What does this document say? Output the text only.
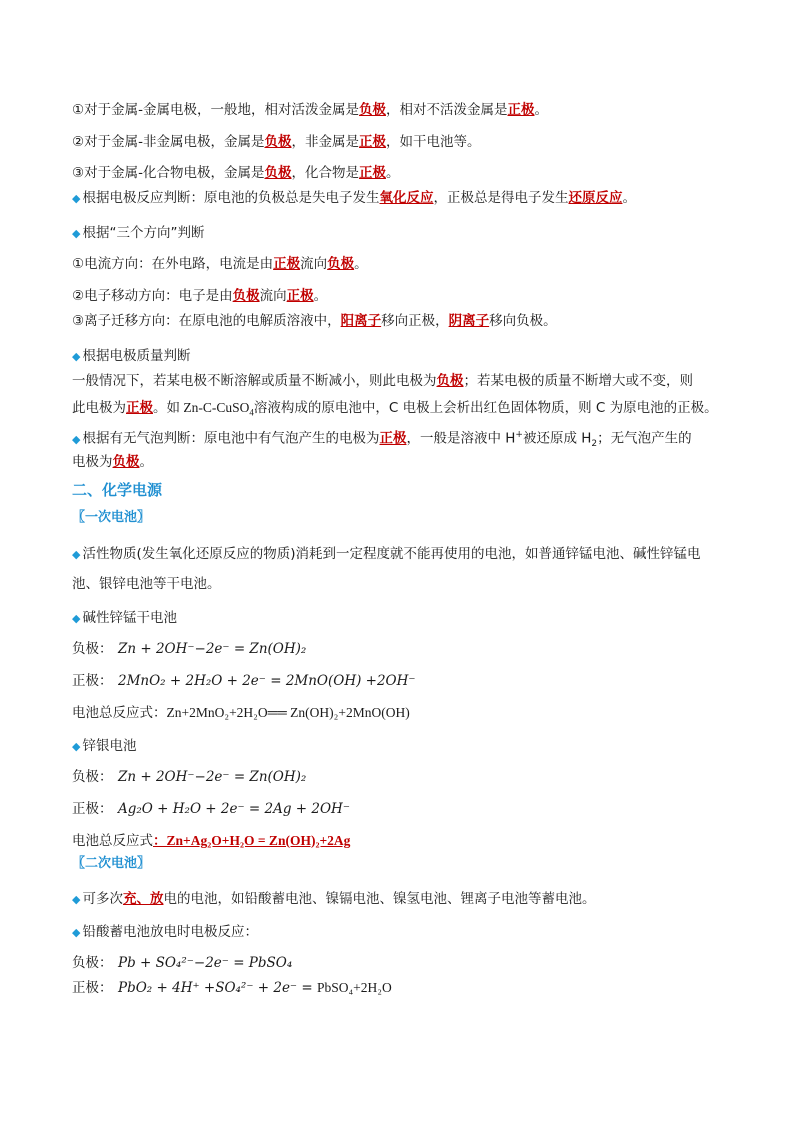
①对于金属-金属电极，一般地，相对活泼金属是负极，相对不活泼金属是正极。
②对于金属-非金属电极，金属是负极，非金属是正极，如干电池等。
③对于金属-化合物电极，金属是负极，化合物是正极。
◆ 根据电极反应判断：原电池的负极总是失电子发生氧化反应，正极总是得电子发生还原反应。
◆ 根据“三个方向”判断
①电流方向：在外电路，电流是由正极流向负极。
②电子移动方向：电子是由负极流向正极。
③离子迁移方向：在原电池的电解质溶液中，阳离子移向正极，阴离子移向负极。
◆ 根据电极质量判断
一般情况下，若某电极不断溶解或质量不断减小，则此电极为负极；若某电极的质量不断增大或不变，则
此电极为正极。如 Zn-C-CuSO$_4$溶液构成的原电池中，C 电极上会析出红色固体物质，则 C 为原电池的正极。
◆ 根据有无气泡判断：原电池中有气泡产生的电极为正极，一般是溶液中 H+被还原成 $H_2$；无气泡产生的
电极为负极。
二、化学电源
〖一次电池〗
◆ 活性物质(发生氧化还原反应的物质)消耗到一定程度就不能再使用的电池，如普通锌锰电池、碱性锌锰电
池、银锌电池等干电池。
◆ 碱性锌锰干电池
负极： Zn + 2OH⁻−2e⁻ = Zn(OH)₂
正极： 2MnO₂ + 2H₂O + 2e⁻ = 2MnO(OH) +2OH⁻
电池总反应式：Zn+2MnO₂+2H₂O══ Zn(OH)₂+2MnO(OH)
◆ 锌银电池
负极： Zn + 2OH⁻−2e⁻ = Zn(OH)₂
正极： Ag₂O + H₂O + 2e⁻ = 2Ag + 2OH⁻
电池总反应式：Zn+Ag₂O+H₂O = Zn(OH)₂+2Ag
〖二次电池〗
◆ 可多次充、放电的电池，如铅酸蓄电池、镍镉电池、镍氢电池、锂离子电池等蓄电池。
◆ 铅酸蓄电池放电时电极反应：
负极： Pb + SO₄²⁻−2e⁻ = PbSO₄
正极： PbO₂ + 4H⁺ +SO₄²⁻ + 2e⁻ = PbSO₄+2H₂O
